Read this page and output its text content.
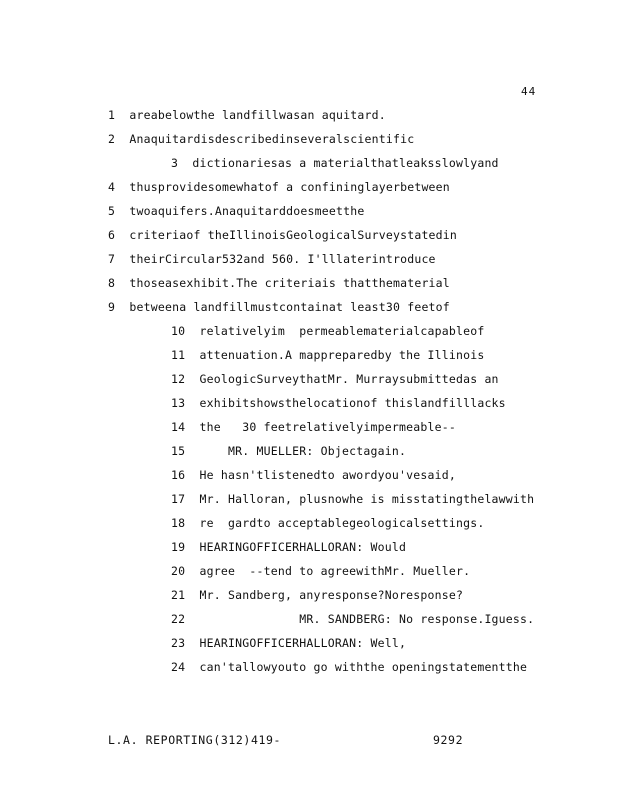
44
1  areabelowthe landfillwasan aquitard.
2  Anaquitardisdescribedinseveralscientific
3  dictionariesas a materialthatleaksslowlyand
4  thusprovidesomewhatof a confininglayerbetween
5  twoaquifers.Anaquitarddoesmeetthe
6  criteriaof theIllinoisGeologicalSurveystatedin
7  theirCircular532and 560. I'lllaterintroduce
8  thoseasexhibit.The criteriais thatthematerial
9  betweena landfillmustcontainat least30 feetof
10  relativelyim  permeablematerialcapableof
11  attenuation.A mappreparedby the Illinois
12  GeologicSurveythatMr. Murraysubmittedas an
13  exhibitshowsthelocationof thislandfilllacks
14  the   30 feetrelativelyimpermeable--
15      MR. MUELLER: Objectagain.
16  He hasn'tlistenedto awordyou'vesaid,
17  Mr. Halloran, plusnowhe is misstatingthelawwith
18  re  gardto acceptablegeologicalsettings.
19  HEARINGOFFICERHALLORAN: Would
20  agree  --tend to agreewithMr. Mueller.
21  Mr. Sandberg, anyresponse?Noresponse?
22                MR. SANDBERG: No response.Iguess.
23  HEARINGOFFICERHALLORAN: Well,
24  can'tallowyouto go withthe openingstatementthe
L.A. REPORTING(312)419-	9292
